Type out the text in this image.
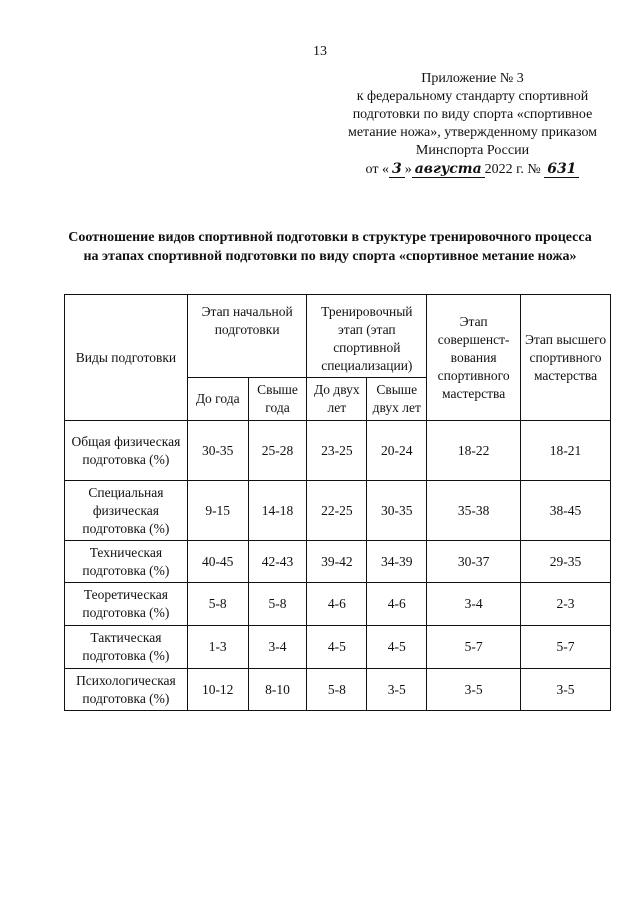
13
Приложение № 3
к федеральному стандарту спортивной
подготовки по виду спорта «спортивное
метание ножа», утвержденному приказом
Минспорта России
от « 3 » августа 2022 г. № 631
Соотношение видов спортивной подготовки в структуре тренировочного процесса на этапах спортивной подготовки по виду спорта «спортивное метание ножа»
Виды подготовки	Этап начальной подготовки		Тренировочный этап (этап спортивной специализации)		Этап совершенст-вования спортивного мастерства	Этап высшего спортивного мастерства
	До года	Свыше года	До двух лет	Свыше двух лет		
Общая физическая подготовка (%)	30-35	25-28	23-25	20-24	18-22	18-21
Специальная физическая подготовка (%)	9-15	14-18	22-25	30-35	35-38	38-45
Техническая подготовка (%)	40-45	42-43	39-42	34-39	30-37	29-35
Теоретическая подготовка (%)	5-8	5-8	4-6	4-6	3-4	2-3
Тактическая подготовка (%)	1-3	3-4	4-5	4-5	5-7	5-7
Психологическая подготовка (%)	10-12	8-10	5-8	3-5	3-5	3-5
